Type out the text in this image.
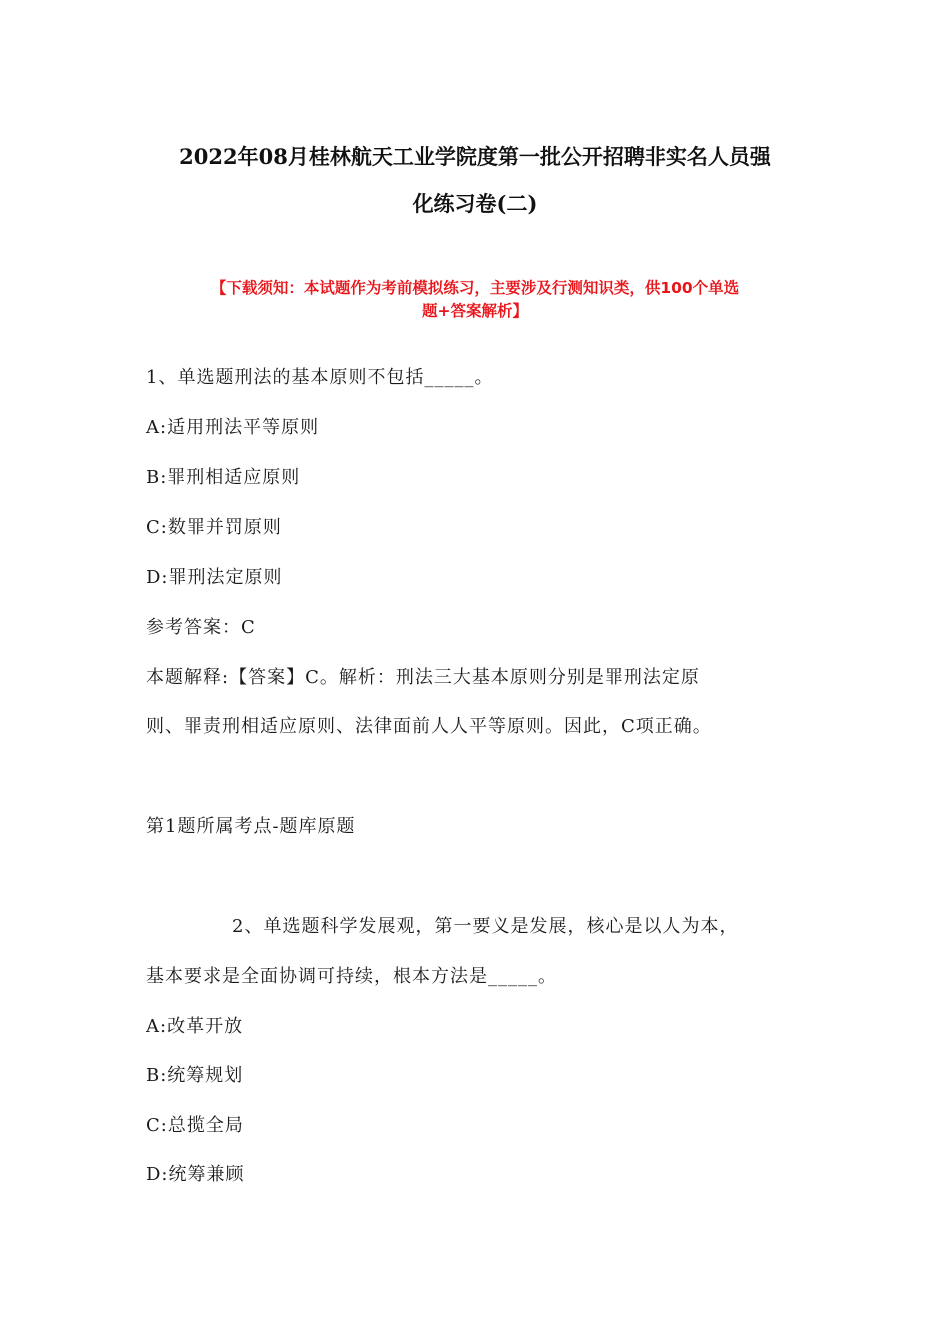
2022年08月桂林航天工业学院度第一批公开招聘非实名人员强
化练习卷(二)
【下载须知：本试题作为考前模拟练习，主要涉及行测知识类，供100个单选
题+答案解析】
1、单选题刑法的基本原则不包括_____。
A:适用刑法平等原则
B:罪刑相适应原则
C:数罪并罚原则
D:罪刑法定原则
参考答案：C
本题解释:【答案】C。解析：刑法三大基本原则分别是罪刑法定原
则、罪责刑相适应原则、法律面前人人平等原则。因此，C项正确。
第1题所属考点-题库原题
2、单选题科学发展观，第一要义是发展，核心是以人为本，
基本要求是全面协调可持续，根本方法是_____。
A:改革开放
B:统筹规划
C:总揽全局
D:统筹兼顾
